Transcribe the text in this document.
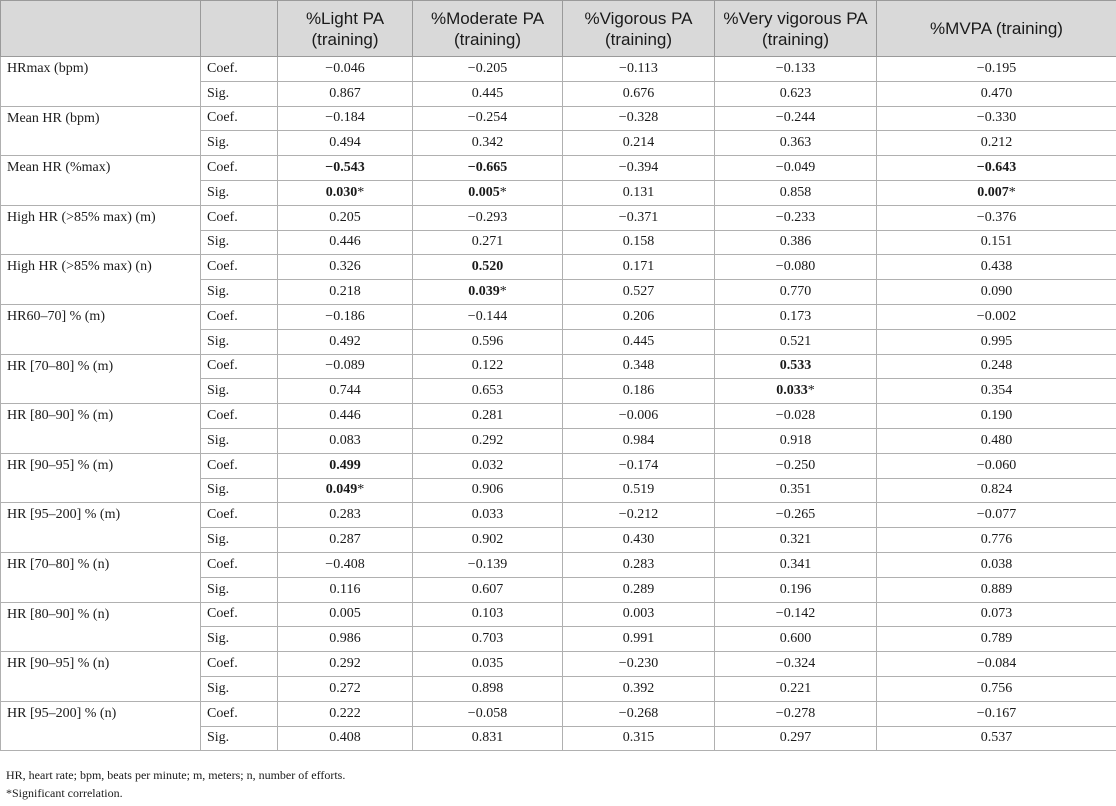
		%Light PA (training)	%Moderate PA (training)	%Vigorous PA (training)	%Very vigorous PA (training)	%MVPA (training)
HRmax (bpm)	Coef.	−0.046	−0.205	−0.113	−0.133	−0.195
	Sig.	0.867	0.445	0.676	0.623	0.470
Mean HR (bpm)	Coef.	−0.184	−0.254	−0.328	−0.244	−0.330
	Sig.	0.494	0.342	0.214	0.363	0.212
Mean HR (%max)	Coef.	−0.543	−0.665	−0.394	−0.049	−0.643
	Sig.	0.030*	0.005*	0.131	0.858	0.007*
High HR (>85% max) (m)	Coef.	0.205	−0.293	−0.371	−0.233	−0.376
	Sig.	0.446	0.271	0.158	0.386	0.151
High HR (>85% max) (n)	Coef.	0.326	0.520	0.171	−0.080	0.438
	Sig.	0.218	0.039*	0.527	0.770	0.090
HR60–70] % (m)	Coef.	−0.186	−0.144	0.206	0.173	−0.002
	Sig.	0.492	0.596	0.445	0.521	0.995
HR [70–80] % (m)	Coef.	−0.089	0.122	0.348	0.533	0.248
	Sig.	0.744	0.653	0.186	0.033*	0.354
HR [80–90] % (m)	Coef.	0.446	0.281	−0.006	−0.028	0.190
	Sig.	0.083	0.292	0.984	0.918	0.480
HR [90–95] % (m)	Coef.	0.499	0.032	−0.174	−0.250	−0.060
	Sig.	0.049*	0.906	0.519	0.351	0.824
HR [95–200] % (m)	Coef.	0.283	0.033	−0.212	−0.265	−0.077
	Sig.	0.287	0.902	0.430	0.321	0.776
HR [70–80] % (n)	Coef.	−0.408	−0.139	0.283	0.341	0.038
	Sig.	0.116	0.607	0.289	0.196	0.889
HR [80–90] % (n)	Coef.	0.005	0.103	0.003	−0.142	0.073
	Sig.	0.986	0.703	0.991	0.600	0.789
HR [90–95] % (n)	Coef.	0.292	0.035	−0.230	−0.324	−0.084
	Sig.	0.272	0.898	0.392	0.221	0.756
HR [95–200] % (n)	Coef.	0.222	−0.058	−0.268	−0.278	−0.167
	Sig.	0.408	0.831	0.315	0.297	0.537
HR, heart rate; bpm, beats per minute; m, meters; n, number of efforts.
*Significant correlation.
